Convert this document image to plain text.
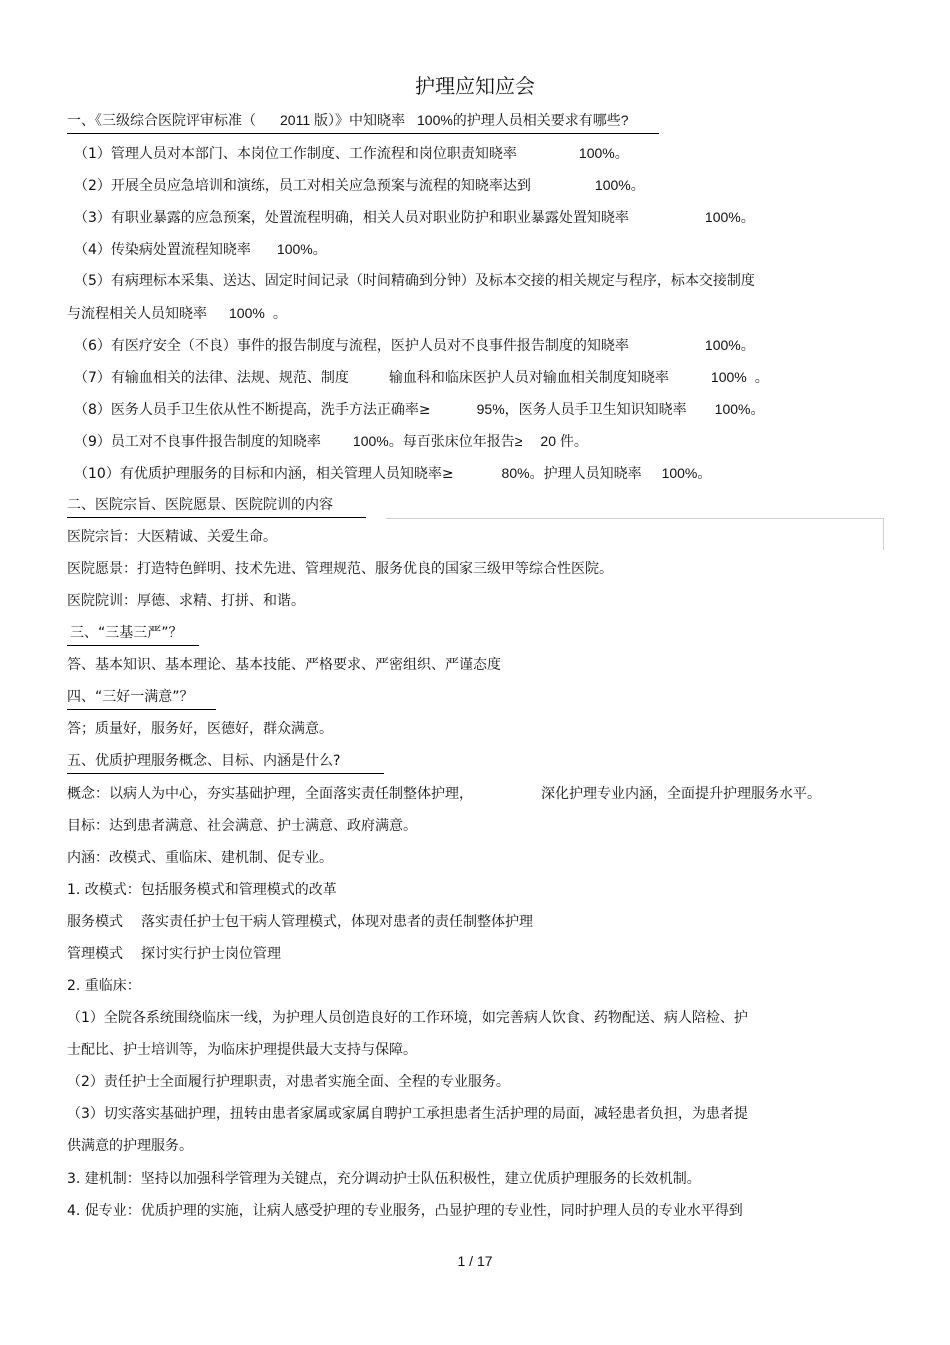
护理应知应会
一、《三级综合医院评审标准（ 2011 版）》中知晓率 100%的护理人员相关要求有哪些?
（1）管理人员对本部门、本岗位工作制度、工作流程和岗位职责知晓率	100%。
（2）开展全员应急培训和演练，员工对相关应急预案与流程的知晓率达到	100%。
（3）有职业暴露的应急预案，处置流程明确，相关人员对职业防护和职业暴露处置知晓率	100%。
（4）传染病处置流程知晓率 100%。
（5）有病理标本采集、送达、固定时间记录（时间精确到分钟）及标本交接的相关规定与程序，标本交接制度
与流程相关人员知晓率 100% 。
（6）有医疗安全（不良）事件的报告制度与流程，医护人员对不良事件报告制度的知晓率	100%。
（7）有输血相关的法律、法规、规范、制度	输血科和临床医护人员对输血相关制度知晓率	100% 。
（8）医务人员手卫生依从性不断提高，洗手方法正确率≥	95%，医务人员手卫生知识知晓率 100%。
（9）员工对不良事件报告制度的知晓率 100%。每百张床位年报告≥ 20 件。
（10）有优质护理服务的目标和内涵，相关管理人员知晓率≥	80%。护理人员知晓率 100%。
二、医院宗旨、医院愿景、医院院训的内容
医院宗旨：大医精诚、关爱生命。
医院愿景：打造特色鲜明、技术先进、管理规范、服务优良的国家三级甲等综合性医院。
医院院训：厚德、求精、打拼、和谐。
三、“三基三严”？
答、基本知识、基本理论、基本技能、严格要求、严密组织、严谨态度
四、“三好一满意”？
答；质量好，服务好，医德好，群众满意。
五、优质护理服务概念、目标、内涵是什么?
概念：以病人为中心，夯实基础护理，全面落实责任制整体护理，	深化护理专业内涵，全面提升护理服务水平。
目标：达到患者满意、社会满意、护士满意、政府满意。
内涵：改模式、重临床、建机制、促专业。
1. 改模式：包括服务模式和管理模式的改革
服务模式 落实责任护士包干病人管理模式，体现对患者的责任制整体护理
管理模式 探讨实行护士岗位管理
2. 重临床：
（1）全院各系统围绕临床一线，为护理人员创造良好的工作环境，如完善病人饮食、药物配送、病人陪检、护
士配比、护士培训等，为临床护理提供最大支持与保障。
（2）责任护士全面履行护理职责，对患者实施全面、全程的专业服务。
（3）切实落实基础护理，扭转由患者家属或家属自聘护工承担患者生活护理的局面，减轻患者负担，为患者提
供满意的护理服务。
3. 建机制：坚持以加强科学管理为关键点，充分调动护士队伍积极性，建立优质护理服务的长效机制。
4. 促专业：优质护理的实施，让病人感受护理的专业服务，凸显护理的专业性，同时护理人员的专业水平得到
1 / 17
